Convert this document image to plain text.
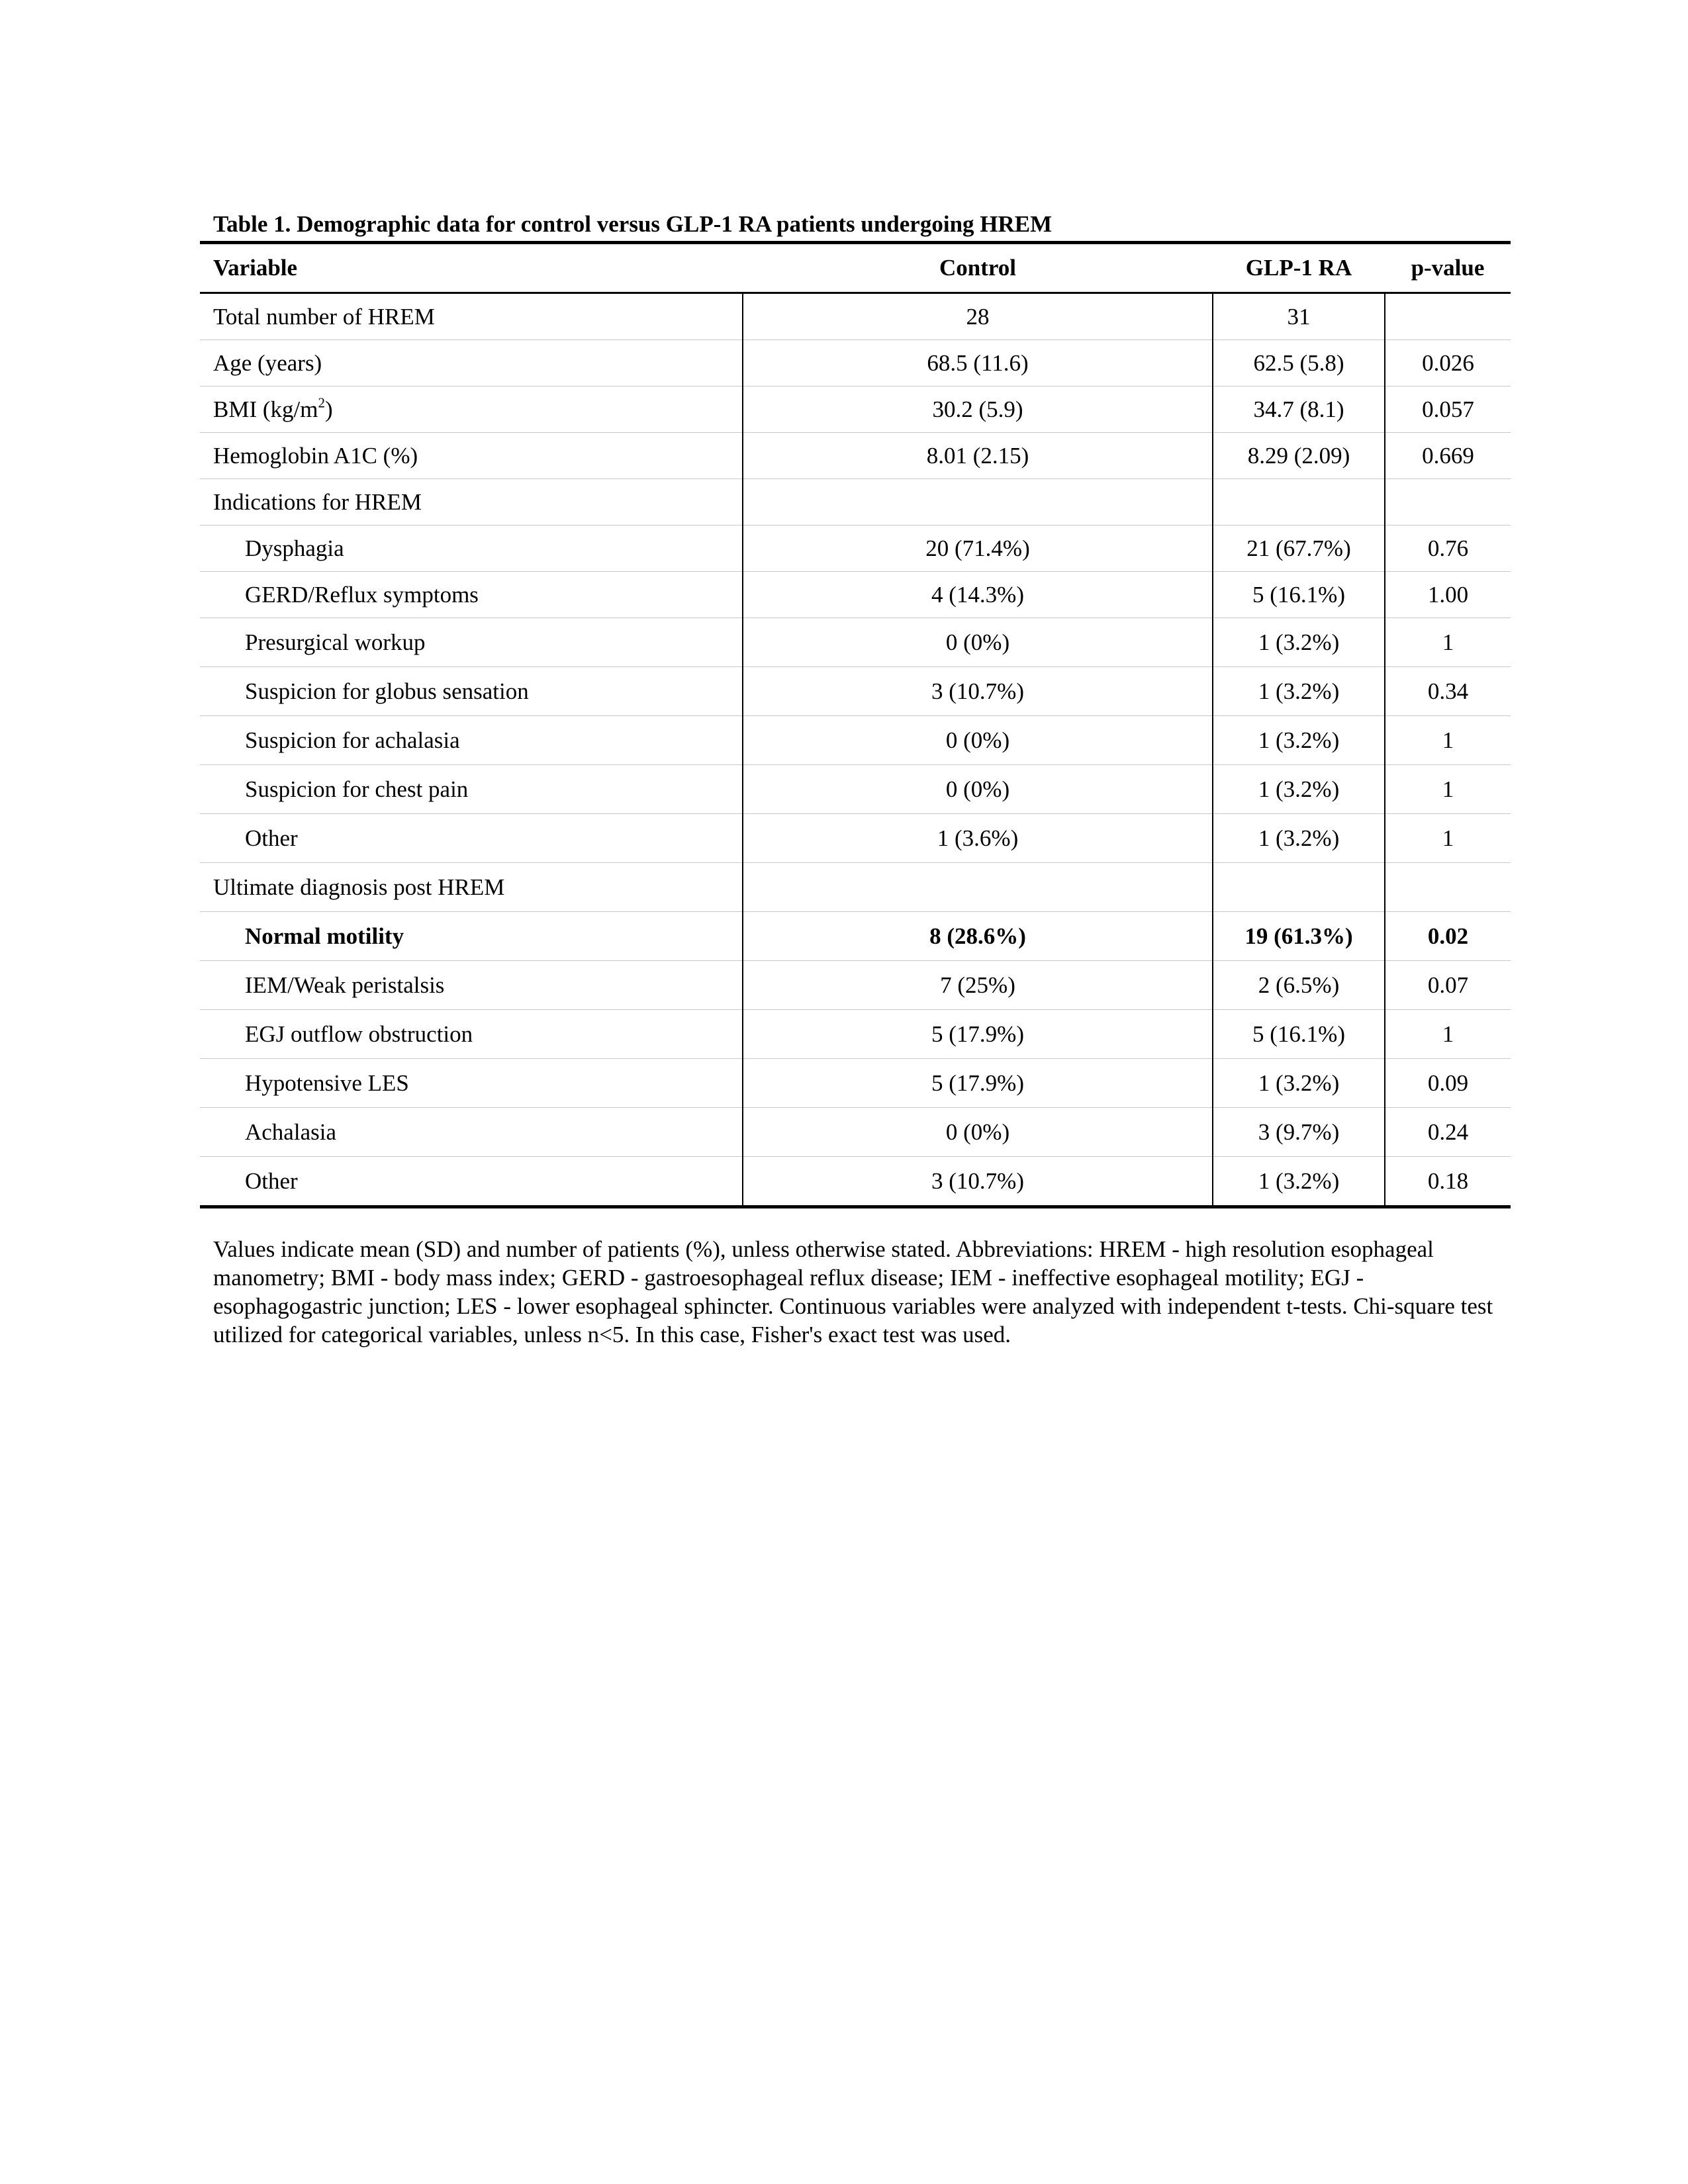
Table 1. Demographic data for control versus GLP-1 RA patients undergoing HREM
Variable	Control	GLP-1 RA	p-value
Total number of HREM	28	31	
Age (years)	68.5 (11.6)	62.5 (5.8)	0.026
BMI $(kg/m^2)$	30.2 (5.9)	34.7 (8.1)	0.057
Hemoglobin A1C (%)	8.01 (2.15)	8.29 (2.09)	0.669
Indications for HREM			
Dysphagia	20 (71.4%)	21 (67.7%)	0.76
GERD/Reflux symptoms	4 (14.3%)	5 (16.1%)	1.00
Presurgical workup	0 (0%)	1 (3.2%)	1
Suspicion for globus sensation	3 (10.7%)	1 (3.2%)	0.34
Suspicion for achalasia	0 (0%)	1 (3.2%)	1
Suspicion for chest pain	0 (0%)	1 (3.2%)	1
Other	1 (3.6%)	1 (3.2%)	1
Ultimate diagnosis post HREM			
Normal motility	8 (28.6%)	19 (61.3%)	0.02
IEM/Weak peristalsis	7 (25%)	2 (6.5%)	0.07
EGJ outflow obstruction	5 (17.9%)	5 (16.1%)	1
Hypotensive LES	5 (17.9%)	1 (3.2%)	0.09
Achalasia	0 (0%)	3 (9.7%)	0.24
Other	3 (10.7%)	1 (3.2%)	0.18

Values indicate mean (SD) and number of patients (%), unless otherwise stated. Abbreviations: HREM - high resolution esophageal manometry; BMI - body mass index; GERD - gastroesophageal reflux disease; IEM - ineffective esophageal motility; EGJ - esophagogastric junction; LES - lower esophageal sphincter. Continuous variables were analyzed with independent t-tests. Chi-square test utilized for categorical variables, unless n<5. In this case, Fisher's exact test was used.
